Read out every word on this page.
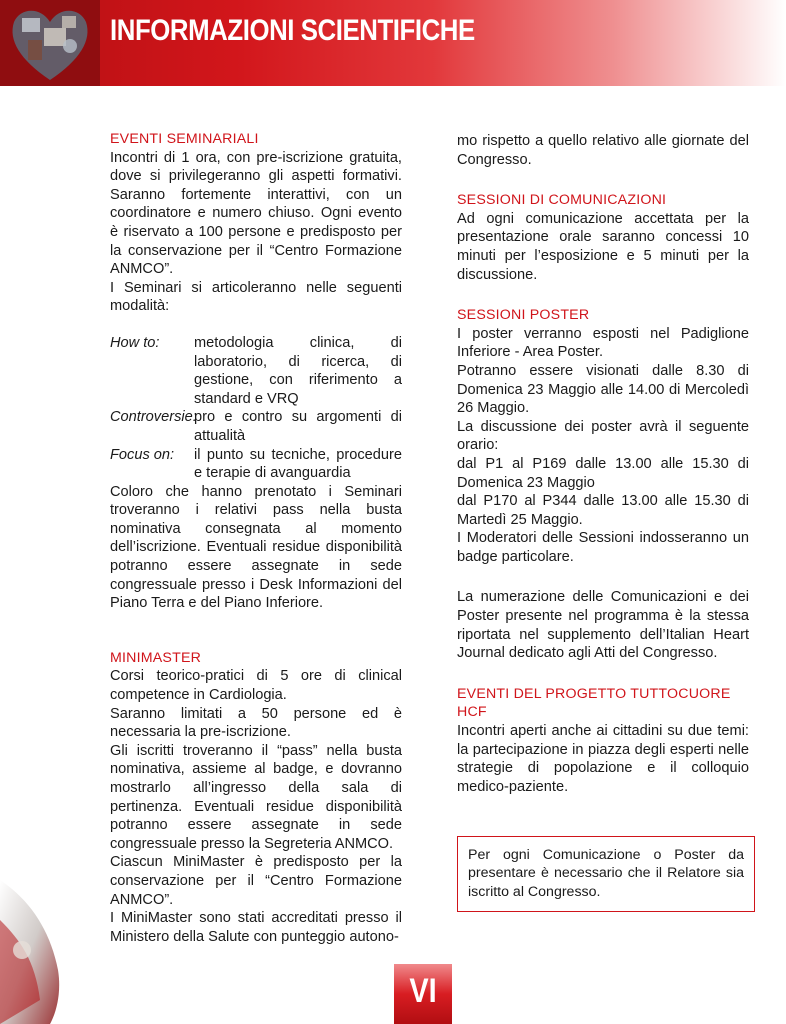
INFORMAZIONI SCIENTIFICHE

EVENTI SEMINARIALI

Incontri di 1 ora, con pre-iscrizione gratuita, dove si privilegeranno gli aspetti formativi. Saranno fortemente interattivi, con un coordinatore e numero chiuso. Ogni evento è riservato a 100 persone e predisposto per la conservazione per il “Centro Formazione ANMCO”.

I Seminari si articoleranno nelle seguenti modalità:

How to:	metodologia clinica, di laboratorio, di ricerca, di gestione, con riferimento a standard e VRQ
Controversie:
pro e contro su argomenti di attualità
Focus on:	il punto su tecniche, procedure e terapie di avanguardia

Coloro che hanno prenotato i Seminari troveranno i relativi pass nella busta nominativa consegnata al momento dell’iscrizione. Eventuali residue disponibilità potranno essere assegnate in sede congressuale presso i Desk Informazioni del Piano Terra e del Piano Inferiore.

MINIMASTER

Corsi teorico-pratici di 5 ore di clinical competence in Cardiologia.

Saranno limitati a 50 persone ed è necessaria la pre-iscrizione.

Gli iscritti troveranno il “pass” nella busta nominativa, assieme al badge, e dovranno mostrarlo all’ingresso della sala di pertinenza. Eventuali residue disponibilità potranno essere assegnate in sede congressuale presso la Segreteria ANMCO.

Ciascun MiniMaster è predisposto per la conservazione per il “Centro Formazione ANMCO”.

I MiniMaster sono stati accreditati presso il Ministero della Salute con punteggio autono-

mo rispetto a quello relativo alle giornate del Congresso.

SESSIONI DI COMUNICAZIONI

Ad ogni comunicazione accettata per la presentazione orale saranno concessi 10 minuti per l’esposizione e 5 minuti per la discussione.

SESSIONI POSTER

I poster verranno esposti nel Padiglione Inferiore - Area Poster.

Potranno essere visionati dalle 8.30 di Domenica 23 Maggio alle 14.00 di Mercoledì 26 Maggio.

La discussione dei poster avrà il seguente orario:

dal P1 al P169 dalle 13.00 alle 15.30 di Domenica 23 Maggio

dal P170 al P344 dalle 13.00 alle 15.30 di Martedì 25 Maggio.

I Moderatori delle Sessioni indosseranno un badge particolare.

La numerazione delle Comunicazioni e dei Poster presente nel programma è la stessa riportata nel supplemento dell’Italian Heart Journal dedicato agli Atti del Congresso.

EVENTI DEL PROGETTO TUTTOCUORE HCF

Incontri aperti anche ai cittadini su due temi: la partecipazione in piazza degli esperti nelle strategie di popolazione e il colloquio medico-paziente.

Per ogni Comunicazione o Poster da presentare è necessario che il Relatore sia iscritto al Congresso.
VI
